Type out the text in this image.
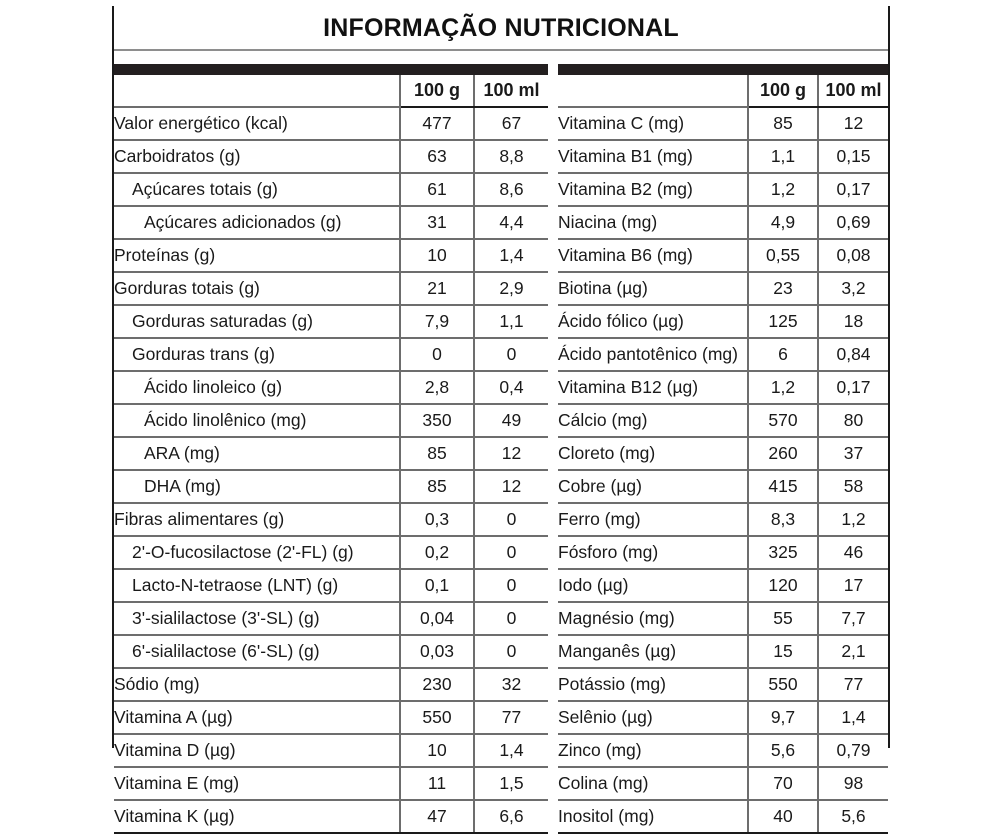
INFORMAÇÃO NUTRICIONAL
	100 g	100 ml
Valor energético (kcal)	477	67
Carboidratos (g)	63	8,8
Açúcares totais (g)	61	8,6
Açúcares adicionados (g)	31	4,4
Proteínas (g)	10	1,4
Gorduras totais (g)	21	2,9
Gorduras saturadas (g)	7,9	1,1
Gorduras trans (g)	0	0
Ácido linoleico (g)	2,8	0,4
Ácido linolênico (mg)	350	49
ARA (mg)	85	12
DHA (mg)	85	12
Fibras alimentares (g)	0,3	0
2'-O-fucosilactose (2'-FL) (g)	0,2	0
Lacto-N-tetraose (LNT) (g)	0,1	0
3'-sialilactose (3'-SL) (g)	0,04	0
6'-sialilactose (6'-SL) (g)	0,03	0
Sódio (mg)	230	32
Vitamina A (µg)	550	77
Vitamina D (µg)	10	1,4
Vitamina E (mg)	11	1,5
Vitamina K (µg)	47	6,6
	100 g	100 ml
Vitamina C (mg)	85	12
Vitamina B1 (mg)	1,1	0,15
Vitamina B2 (mg)	1,2	0,17
Niacina (mg)	4,9	0,69
Vitamina B6 (mg)	0,55	0,08
Biotina (µg)	23	3,2
Ácido fólico (µg)	125	18
Ácido pantotênico (mg)	6	0,84
Vitamina B12 (µg)	1,2	0,17
Cálcio (mg)	570	80
Cloreto (mg)	260	37
Cobre (µg)	415	58
Ferro (mg)	8,3	1,2
Fósforo (mg)	325	46
Iodo (µg)	120	17
Magnésio (mg)	55	7,7
Manganês (µg)	15	2,1
Potássio (mg)	550	77
Selênio (µg)	9,7	1,4
Zinco (mg)	5,6	0,79
Colina (mg)	70	98
Inositol (mg)	40	5,6
